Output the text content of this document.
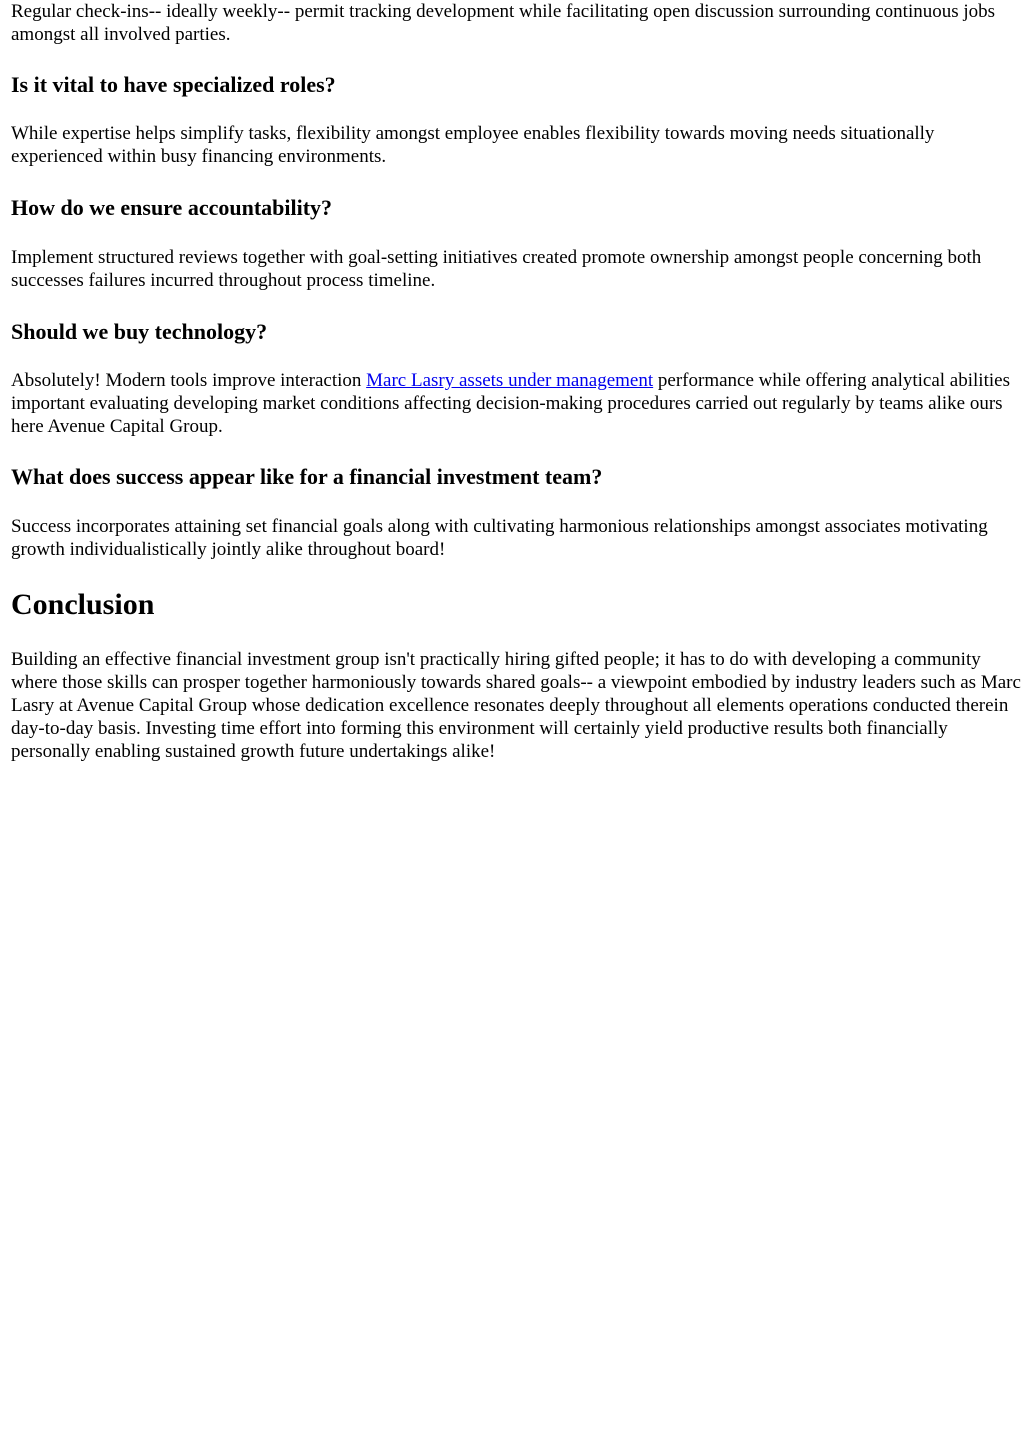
Regular check-ins-- ideally weekly-- permit tracking development while facilitating open discussion surrounding continuous jobs amongst all involved parties.

Is it vital to have specialized roles?

While expertise helps simplify tasks, flexibility amongst employee enables flexibility towards moving needs situationally experienced within busy financing environments.

How do we ensure accountability?

Implement structured reviews together with goal-setting initiatives created promote ownership amongst people concerning both successes failures incurred throughout process timeline.

Should we buy technology?

Absolutely! Modern tools improve interaction Marc Lasry assets under management performance while offering analytical abilities important evaluating developing market conditions affecting decision-making procedures carried out regularly by teams alike ours here Avenue Capital Group.

What does success appear like for a financial investment team?

Success incorporates attaining set financial goals along with cultivating harmonious relationships amongst associates motivating growth individualistically jointly alike throughout board!

Conclusion

Building an effective financial investment group isn't practically hiring gifted people; it has to do with developing a community where those skills can prosper together harmoniously towards shared goals-- a viewpoint embodied by industry leaders such as Marc Lasry at Avenue Capital Group whose dedication excellence resonates deeply throughout all elements operations conducted therein day-to-day basis. Investing time effort into forming this environment will certainly yield productive results both financially personally enabling sustained growth future undertakings alike!
